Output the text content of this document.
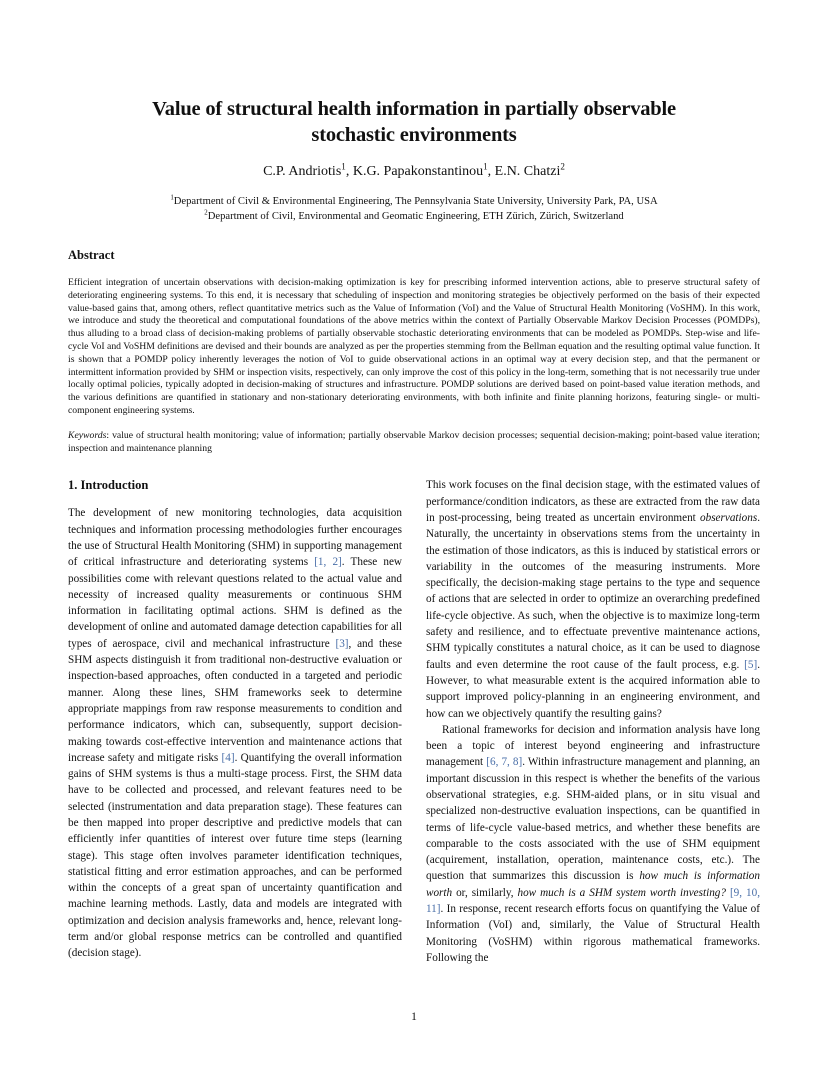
Value of structural health information in partially observable stochastic environments
C.P. Andriotis$^1$, K.G. Papakonstantinou$^1$, E.N. Chatzi$^2$
$^1$Department of Civil & Environmental Engineering, The Pennsylvania State University, University Park, PA, USA
$^2$Department of Civil, Environmental and Geomatic Engineering, ETH Zürich, Zürich, Switzerland
Abstract

Efficient integration of uncertain observations with decision-making optimization is key for prescribing informed intervention actions, able to preserve structural safety of deteriorating engineering systems. To this end, it is necessary that scheduling of inspection and monitoring strategies be objectively performed on the basis of their expected value-based gains that, among others, reflect quantitative metrics such as the Value of Information (VoI) and the Value of Structural Health Monitoring (VoSHM). In this work, we introduce and study the theoretical and computational foundations of the above metrics within the context of Partially Observable Markov Decision Processes (POMDPs), thus alluding to a broad class of decision-making problems of partially observable stochastic deteriorating environments that can be modeled as POMDPs. Step-wise and life-cycle VoI and VoSHM definitions are devised and their bounds are analyzed as per the properties stemming from the Bellman equation and the resulting optimal value function. It is shown that a POMDP policy inherently leverages the notion of VoI to guide observational actions in an optimal way at every decision step, and that the permanent or intermittent information provided by SHM or inspection visits, respectively, can only improve the cost of this policy in the long-term, something that is not necessarily true under locally optimal policies, typically adopted in decision-making of structures and infrastructure. POMDP solutions are derived based on point-based value iteration methods, and the various definitions are quantified in stationary and non-stationary deteriorating environments, with both infinite and finite planning horizons, featuring single- or multi-component engineering systems.

Keywords: value of structural health monitoring; value of information; partially observable Markov decision processes; sequential decision-making; point-based value iteration; inspection and maintenance planning

1. Introduction

The development of new monitoring technologies, data acquisition techniques and information processing methodologies further encourages the use of Structural Health Monitoring (SHM) in supporting management of critical infrastructure and deteriorating systems [1, 2]. These new possibilities come with relevant questions related to the actual value and necessity of increased quality measurements or continuous SHM information in facilitating optimal actions. SHM is defined as the development of online and automated damage detection capabilities for all types of aerospace, civil and mechanical infrastructure [3], and these SHM aspects distinguish it from traditional non-destructive evaluation or inspection-based approaches, often conducted in a targeted and periodic manner. Along these lines, SHM frameworks seek to determine appropriate mappings from raw response measurements to condition and performance indicators, which can, subsequently, support decision-making towards cost-effective intervention and maintenance actions that increase safety and mitigate risks [4]. Quantifying the overall information gains of SHM systems is thus a multi-stage process. First, the SHM data have to be collected and processed, and relevant features need to be selected (instrumentation and data preparation stage). These features can be then mapped into proper descriptive and predictive models that can efficiently infer quantities of interest over future time steps (learning stage). This stage often involves parameter identification techniques, statistical fitting and error estimation approaches, and can be performed within the concepts of a great span of uncertainty quantification and machine learning methods. Lastly, data and models are integrated with optimization and decision analysis frameworks and, hence, relevant long-term and/or global response metrics can be controlled and quantified (decision stage).

This work focuses on the final decision stage, with the estimated values of performance/condition indicators, as these are extracted from the raw data in post-processing, being treated as uncertain environment observations. Naturally, the uncertainty in observations stems from the uncertainty in the estimation of those indicators, as this is induced by statistical errors or variability in the outcomes of the measuring instruments. More specifically, the decision-making stage pertains to the type and sequence of actions that are selected in order to optimize an overarching predefined life-cycle objective. As such, when the objective is to maximize long-term safety and resilience, and to effectuate preventive maintenance actions, SHM typically constitutes a natural choice, as it can be used to diagnose faults and even determine the root cause of the fault process, e.g. [5]. However, to what measurable extent is the acquired information able to support improved policy-planning in an engineering environment, and how can we objectively quantify the resulting gains?

Rational frameworks for decision and information analysis have long been a topic of interest beyond engineering and infrastructure management [6, 7, 8]. Within infrastructure management and planning, an important discussion in this respect is whether the benefits of the various observational strategies, e.g. SHM-aided plans, or in situ visual and specialized non-destructive evaluation inspections, can be quantified in terms of life-cycle value-based metrics, and whether these benefits are comparable to the costs associated with the use of SHM equipment (acquirement, installation, operation, maintenance costs, etc.). The question that summarizes this discussion is how much is information worth or, similarly, how much is a SHM system worth investing? [9, 10, 11]. In response, recent research efforts focus on quantifying the Value of Information (VoI) and, similarly, the Value of Structural Health Monitoring (VoSHM) within rigorous mathematical frameworks. Following the

1
